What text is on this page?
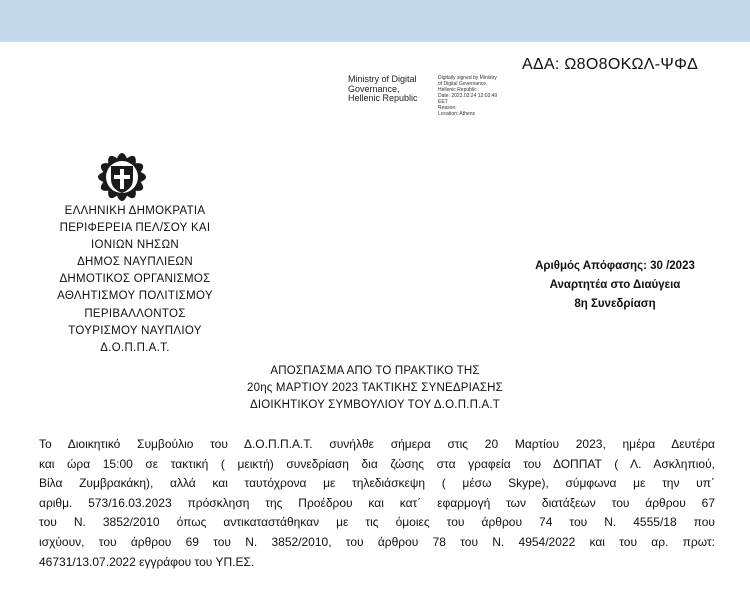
ΑΔΑ: Ω8Ο8ΟΚΩΛ-ΨΦΔ
Ministry of Digital
Governance,
Hellenic Republic
Digitally signed by Ministry
of Digital Governance,
Hellenic Republic
Date: 2023.03.24 12:03:49
EET
Reason:
Location: Athens
ΕΛΛΗΝΙΚΗ ΔΗΜΟΚΡΑΤΙΑ
ΠΕΡΙΦΕΡΕΙΑ ΠΕΛ/ΣΟΥ ΚΑΙ
ΙΟΝΙΩΝ ΝΗΣΩΝ
ΔΗΜΟΣ ΝΑΥΠΛΙΕΩΝ
ΔΗΜΟΤΙΚΟΣ ΟΡΓΑΝΙΣΜΟΣ
ΑΘΛΗΤΙΣΜΟΥ ΠΟΛΙΤΙΣΜΟΥ
ΠΕΡΙΒΑΛΛΟΝΤΟΣ
ΤΟΥΡΙΣΜΟΥ ΝΑΥΠΛΙΟΥ
Δ.Ο.Π.Π.Α.Τ.
Αριθμός Απόφασης: 30 /2023
Αναρτητέα στο Διαύγεια
8η Συνεδρίαση
ΑΠΟΣΠΑΣΜΑ ΑΠΟ ΤΟ ΠΡΑΚΤΙΚΟ ΤΗΣ
20ης ΜΑΡΤΙΟΥ 2023 ΤΑΚΤΙΚΗΣ ΣΥΝΕΔΡΙΑΣΗΣ
ΔΙΟΙΚΗΤΙΚΟΥ ΣΥΜΒΟΥΛΙΟΥ ΤΟΥ Δ.Ο.Π.Π.Α.Τ
Το Διοικητικό Συμβούλιο του Δ.Ο.Π.Π.Α.Τ. συνήλθε σήμερα στις 20 Μαρτίου 2023, ημέρα Δευτέρα
και ώρα 15:00 σε τακτική ( μεικτή) συνεδρίαση δια ζώσης στα γραφεία του ΔΟΠΠΑΤ ( Λ. Ασκληπιού,
Βίλα Ζυμβρακάκη), αλλά και ταυτόχρονα με τηλεδιάσκεψη ( μέσω Skype), σύμφωνα με την υπ΄
αριθμ. 573/16.03.2023 πρόσκληση της Προέδρου και κατ΄ εφαρμογή των διατάξεων του άρθρου 67
του Ν. 3852/2010 όπως αντικαταστάθηκαν με τις όμοιες του άρθρου 74 του Ν. 4555/18 που
ισχύουν, του άρθρου 69 του Ν. 3852/2010, του άρθρου 78 του Ν. 4954/2022 και του αρ. πρωτ:
46731/13.07.2022 εγγράφου του ΥΠ.ΕΣ.
